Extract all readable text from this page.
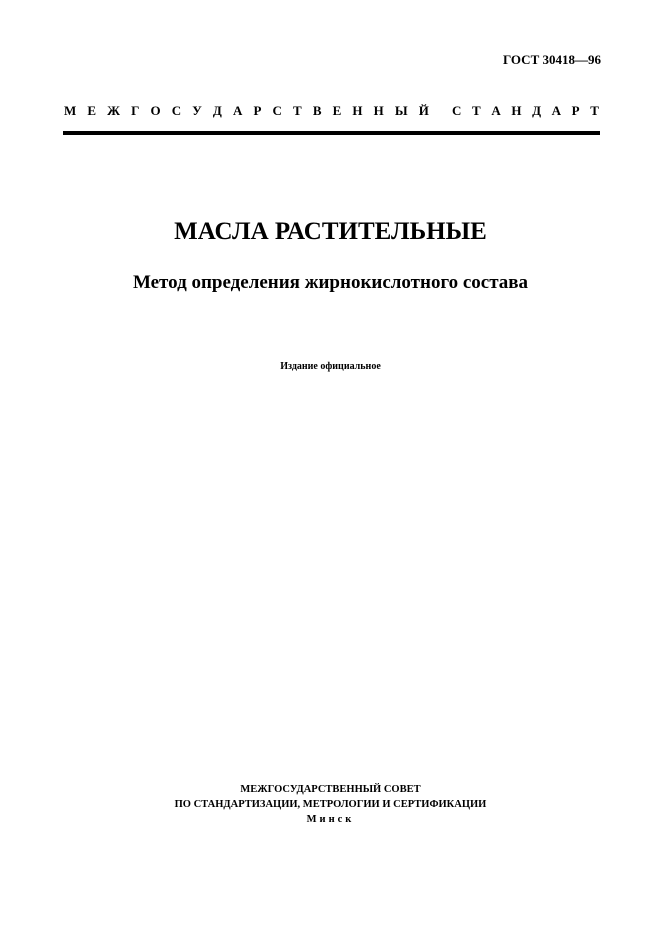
ГОСТ 30418—96
М Е Ж Г О С У Д А Р С Т В Е Н Н Ы Й С Т А Н Д А Р Т
МАСЛА РАСТИТЕЛЬНЫЕ
Метод определения жирнокислотного состава
Издание официальное
МЕЖГОСУДАРСТВЕННЫЙ СОВЕТ
ПО СТАНДАРТИЗАЦИИ, МЕТРОЛОГИИ И СЕРТИФИКАЦИИ
Минск
